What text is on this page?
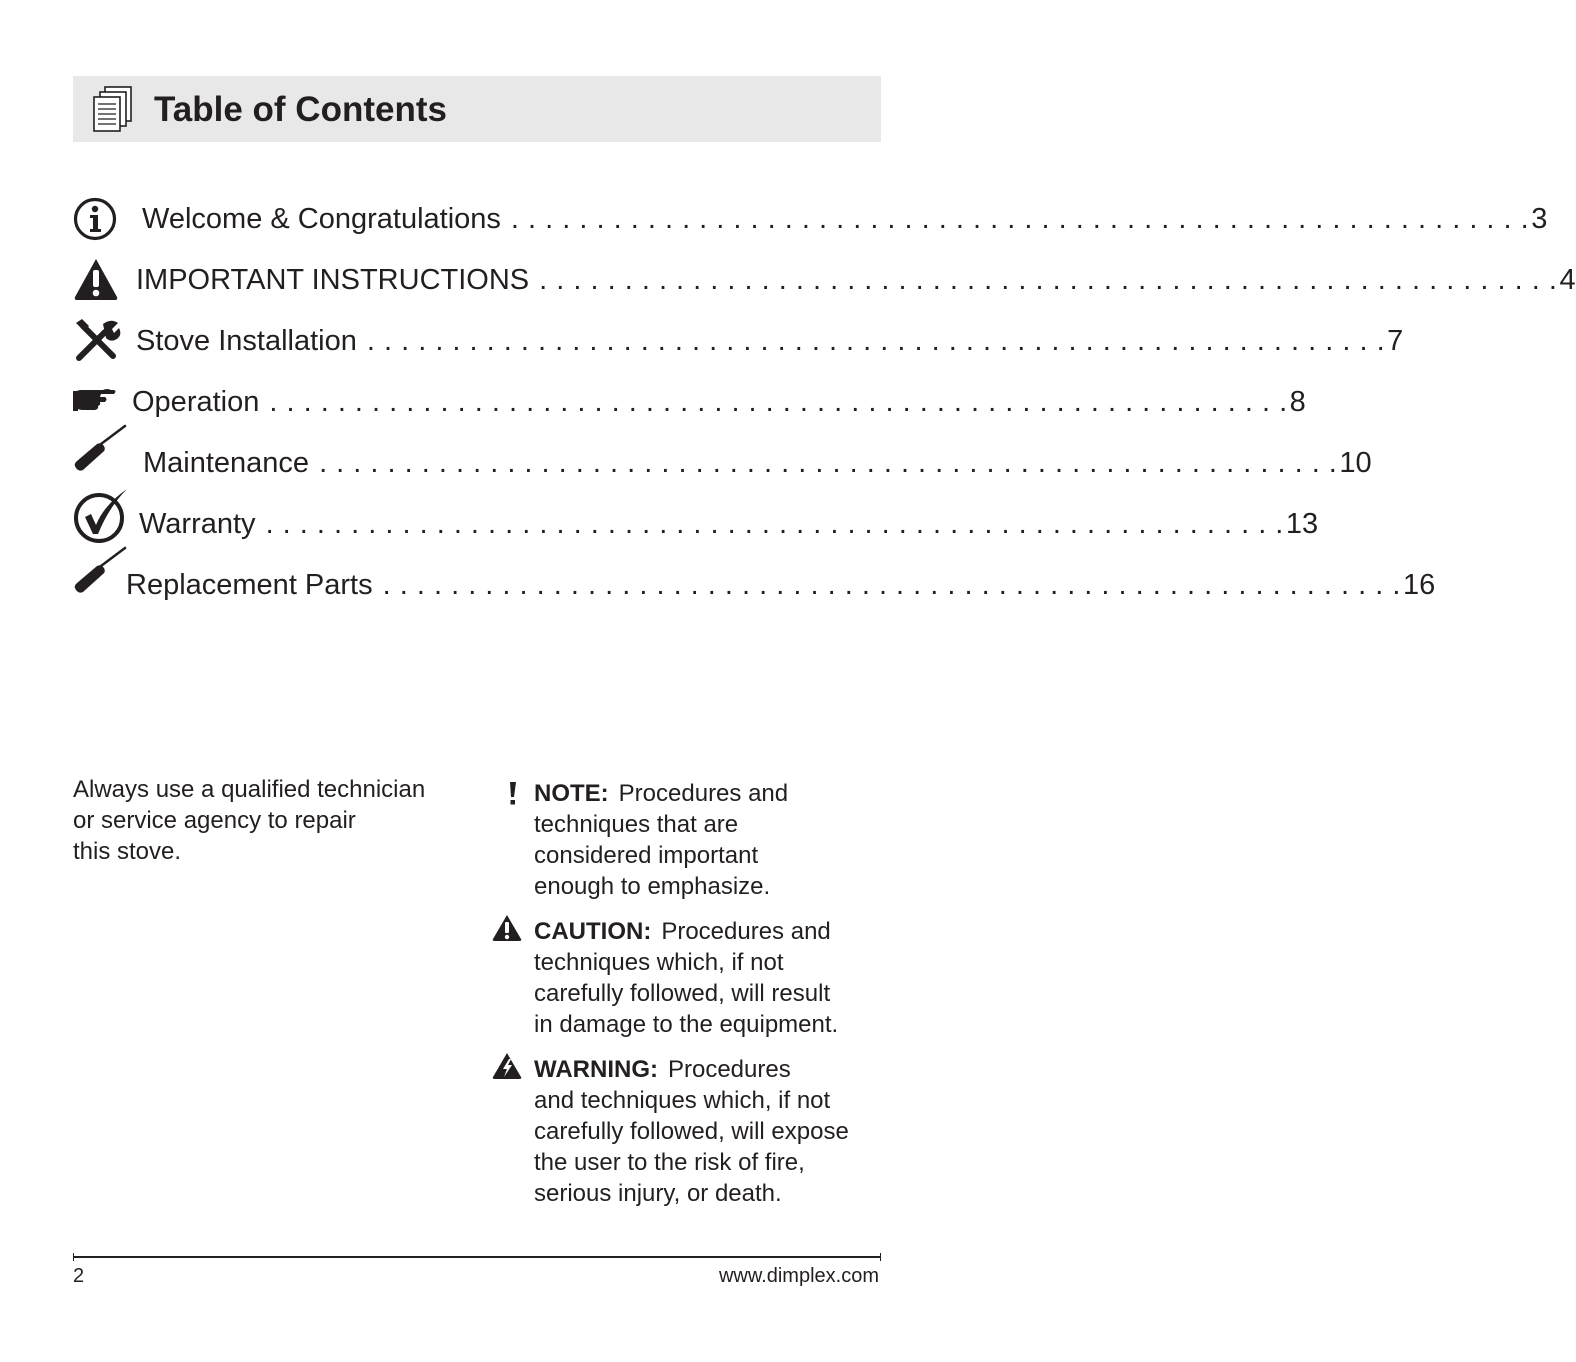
Table of Contents
Welcome & Congratulations . . . . . . . . . . . . . . . . . . . . . . . . . . . . . . . . . . . . . . . . . . . . . . . . . . . . . . . . . . . . 3
IMPORTANT INSTRUCTIONS . . . . . . . . . . . . . . . . . . . . . . . . . . . . . . . . . . . . . . . . . . . . . . . . . . . . . . . . . . . . 4
Stove Installation . . . . . . . . . . . . . . . . . . . . . . . . . . . . . . . . . . . . . . . . . . . . . . . . . . . . . . . . . . . . 7
Operation . . . . . . . . . . . . . . . . . . . . . . . . . . . . . . . . . . . . . . . . . . . . . . . . . . . . . . . . . . . . 8
Maintenance . . . . . . . . . . . . . . . . . . . . . . . . . . . . . . . . . . . . . . . . . . . . . . . . . . . . . . . . . . . . 10
Warranty . . . . . . . . . . . . . . . . . . . . . . . . . . . . . . . . . . . . . . . . . . . . . . . . . . . . . . . . . . . . 13
Replacement Parts . . . . . . . . . . . . . . . . . . . . . . . . . . . . . . . . . . . . . . . . . . . . . . . . . . . . . . . . . . . . 16
Always use a qualified technician
or service agency to repair
this stove.
NOTE: Procedures and
techniques that are
considered important
enough to emphasize.
CAUTION: Procedures and
techniques which, if not
carefully followed, will result
in damage to the equipment.
WARNING: Procedures
and techniques which, if not
carefully followed, will expose
the user to the risk of fire,
serious injury, or death.
2	www.dimplex.com
